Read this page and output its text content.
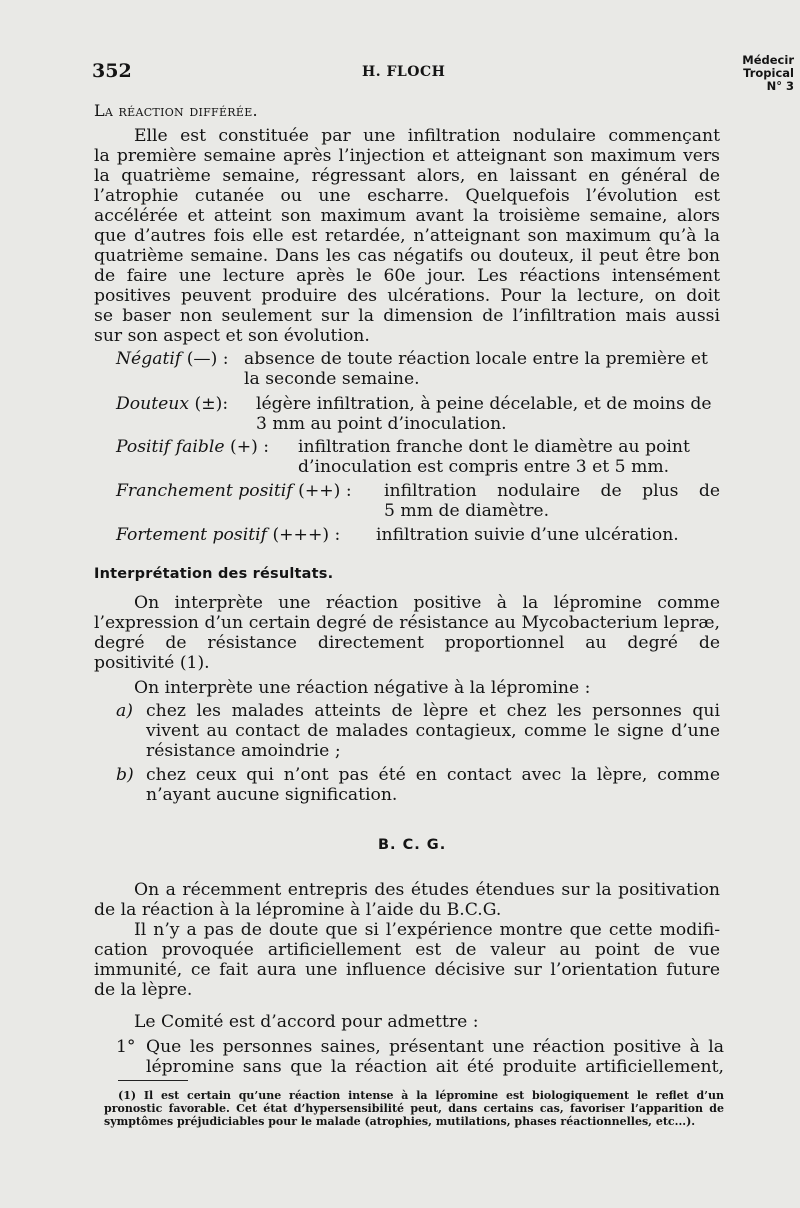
352	H. FLOCH
Médecir
Tropical
N° 3
La réaction différée.
Elle est constituée par une infiltration nodulaire commençant
la première semaine après l’injection et atteignant son maximum vers
la quatrième semaine, régressant alors, en laissant en général de
l’atrophie cutanée ou une escharre. Quelquefois l’évolution est
accélérée et atteint son maximum avant la troisième semaine, alors
que d’autres fois elle est retardée, n’atteignant son maximum qu’à la
quatrième semaine. Dans les cas négatifs ou douteux, il peut être bon
de faire une lecture après le 60e jour. Les réactions intensément
positives peuvent produire des ulcérations. Pour la lecture, on doit
se baser non seulement sur la dimension de l’infiltration mais aussi
sur son aspect et son évolution.
Négatif (—) : absence de toute réaction locale entre la première et
la seconde semaine.
Douteux (±): légère infiltration, à peine décelable, et de moins de
3 mm au point d’inoculation.
Positif faible (+) : infiltration franche dont le diamètre au point
d’inoculation est compris entre 3 et 5 mm.
Franchement positif (++) : infiltration nodulaire de plus de
5 mm de diamètre.
Fortement positif (+++) : infiltration suivie d’une ulcération.
Interprétation des résultats.
On interprète une réaction positive à la lépromine comme
l’expression d’un certain degré de résistance au Mycobacterium lepræ,
degré de résistance directement proportionnel au degré de
positivité (1).
On interprète une réaction négative à la lépromine :
a) chez les malades atteints de lèpre et chez les personnes qui
vivent au contact de malades contagieux, comme le signe d’une
résistance amoindrie ;
b) chez ceux qui n’ont pas été en contact avec la lèpre, comme
n’ayant aucune signification.
B. C. G.
On a récemment entrepris des études étendues sur la positivation
de la réaction à la lépromine à l’aide du B.C.G.
Il n’y a pas de doute que si l’expérience montre que cette modifi-
cation provoquée artificiellement est de valeur au point de vue
immunité, ce fait aura une influence décisive sur l’orientation future
de la lèpre.
Le Comité est d’accord pour admettre :
1° Que les personnes saines, présentant une réaction positive à la
lépromine sans que la réaction ait été produite artificiellement,
(1) Il est certain qu’une réaction intense à la lépromine est biologiquement le reflet d’un
pronostic favorable. Cet état d’hypersensibilité peut, dans certains cas, favoriser l’apparition de
symptômes préjudiciables pour le malade (atrophies, mutilations, phases réactionnelles, etc...).
